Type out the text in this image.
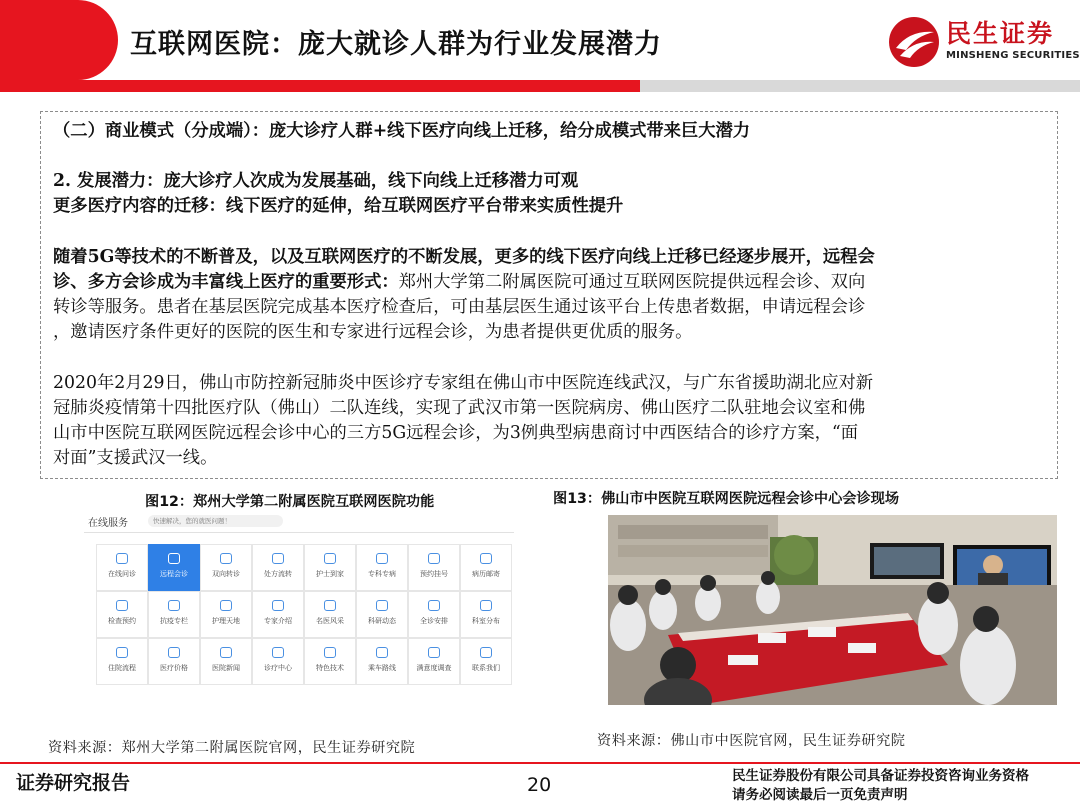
互联网医院：庞大就诊人群为行业发展潜力	民生证券
MINSHENG SECURITIES
（二）商业模式（分成端）：庞大诊疗人群+线下医疗向线上迁移，给分成模式带来巨大潜力
2. 发展潜力：庞大诊疗人次成为发展基础，线下向线上迁移潜力可观
更多医疗内容的迁移：线下医疗的延伸，给互联网医疗平台带来实质性提升
随着5G等技术的不断普及，以及互联网医疗的不断发展，更多的线下医疗向线上迁移已经逐步展开，远程会
诊、多方会诊成为丰富线上医疗的重要形式：郑州大学第二附属医院可通过互联网医院提供远程会诊、双向
转诊等服务。患者在基层医院完成基本医疗检查后，可由基层医生通过该平台上传患者数据，申请远程会诊
，邀请医疗条件更好的医院的医生和专家进行远程会诊，为患者提供更优质的服务。
2020年2月29日，佛山市防控新冠肺炎中医诊疗专家组在佛山市中医院连线武汉，与广东省援助湖北应对新
冠肺炎疫情第十四批医疗队（佛山）二队连线，实现了武汉市第一医院病房、佛山医疗二队驻地会议室和佛
山市中医院互联网医院远程会诊中心的三方5G远程会诊，为3例典型病患商讨中西医结合的诊疗方案，“面
对面”支援武汉一线。
图12：郑州大学第二附属医院互联网医院功能	图13：佛山市中医院互联网医院远程会诊中心会诊现场
在线服务	快速解决，您的就医问题！
在线问诊	远程会诊	双向转诊	处方流转	护士到家	专科专病	预约挂号	病历邮寄
检查预约	抗疫专栏	护理天地	专家介绍	名医风采	科研动态	全诊安排	科室分布
住院流程	医疗价格	医院新闻	诊疗中心	特色技术	乘车路线	满意度调查	联系我们
资料来源：郑州大学第二附属医院官网，民生证券研究院	资料来源：佛山市中医院官网，民生证券研究院
证券研究报告	20	民生证券股份有限公司具备证券投资咨询业务资格
请务必阅读最后一页免责声明
